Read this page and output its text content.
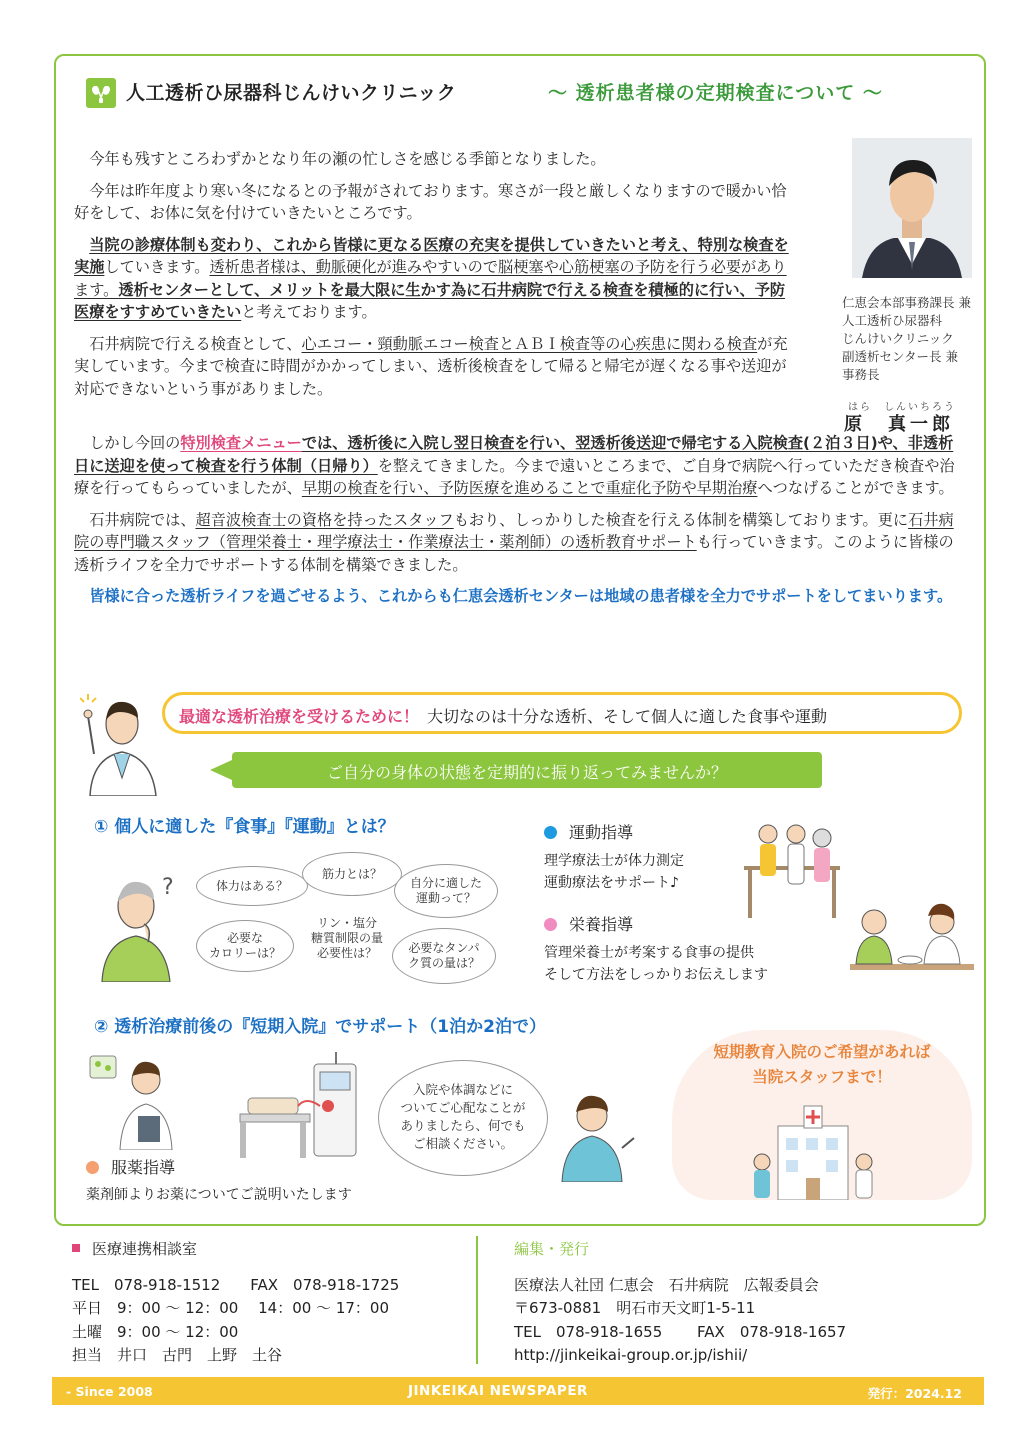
人工透析ひ尿器科じんけいクリニック	～ 透析患者様の定期検査について ～

今年も残すところわずかとなり年の瀬の忙しさを感じる季節となりました。

今年は昨年度より寒い冬になるとの予報がされております。寒さが一段と厳しくなりますので暖かい恰好をして、お体に気を付けていきたいところです。

当院の診療体制も変わり、これから皆様に更なる医療の充実を提供していきたいと考え、特別な検査を実施していきます。透析患者様は、動脈硬化が進みやすいので脳梗塞や心筋梗塞の予防を行う必要があります。透析センターとして、メリットを最大限に生かす為に石井病院で行える検査を積極的に行い、予防医療をすすめていきたいと考えております。

石井病院で行える検査として、心エコー・頸動脈エコー検査とＡＢＩ検査等の心疾患に関わる検査が充実しています。今まで検査に時間がかかってしまい、透析後検査をして帰ると帰宅が遅くなる事や送迎が対応できないという事がありました。

仁恵会本部事務課長 兼
人工透析ひ尿器科
じんけいクリニック
副透析センター長 兼
事務長
はら　しんいちろう
原　真一郎

しかし今回の特別検査メニューでは、透析後に入院し翌日検査を行い、翌透析後送迎で帰宅する入院検査(２泊３日)や、非透析日に送迎を使って検査を行う体制（日帰り）を整えてきました。今まで遠いところまで、ご自身で病院へ行っていただき検査や治療を行ってもらっていましたが、早期の検査を行い、予防医療を進めることで重症化予防や早期治療へつなげることができます。

石井病院では、超音波検査士の資格を持ったスタッフもおり、しっかりした検査を行える体制を構築しております。更に石井病院の専門職スタッフ（管理栄養士・理学療法士・作業療法士・薬剤師）の透析教育サポートも行っていきます。このように皆様の透析ライフを全力でサポートする体制を構築できました。

皆様に合った透析ライフを過ごせるよう、これからも仁恵会透析センターは地域の患者様を全力でサポートをしてまいります。

最適な透析治療を受けるために！ 大切なのは十分な透析、そして個人に適した食事や運動
ご自分の身体の状態を定期的に振り返ってみませんか？
① 個人に適した『食事』『運動』とは？
?	体力はある？
筋力とは？
自分に適した
運動って？
リン・塩分
糖質制限の量
必要性は？
必要な
カロリーは？	必要なタンパ
ク質の量は？
運動指導
理学療法士が体力測定
運動療法をサポート♪
栄養指導
管理栄養士が考案する食事の提供
そして方法をしっかりお伝えします
② 透析治療前後の『短期入院』でサポート（1泊か2泊で）
入院や体調などに
ついてご心配なことが
ありましたら、何でも
ご相談ください。
服薬指導
薬剤師よりお薬についてご説明いたします
短期教育入院のご希望があれば
当院スタッフまで！
医療連携相談室
TEL　078-918-1512　　FAX　078-918-1725
平日　9：00 ～ 12：00　 14：00 ～ 17：00
土曜　9：00 ～ 12：00
担当　井口　古門　上野　土谷
編集・発行
医療法人社団 仁恵会　石井病院　広報委員会
〒673-0881　明石市天文町1-5-11
TEL　078-918-1655　　 FAX　078-918-1657
http://jinkeikai-group.or.jp/ishii/
- Since 2008	JINKEIKAI NEWSPAPER	発行：2024.12
